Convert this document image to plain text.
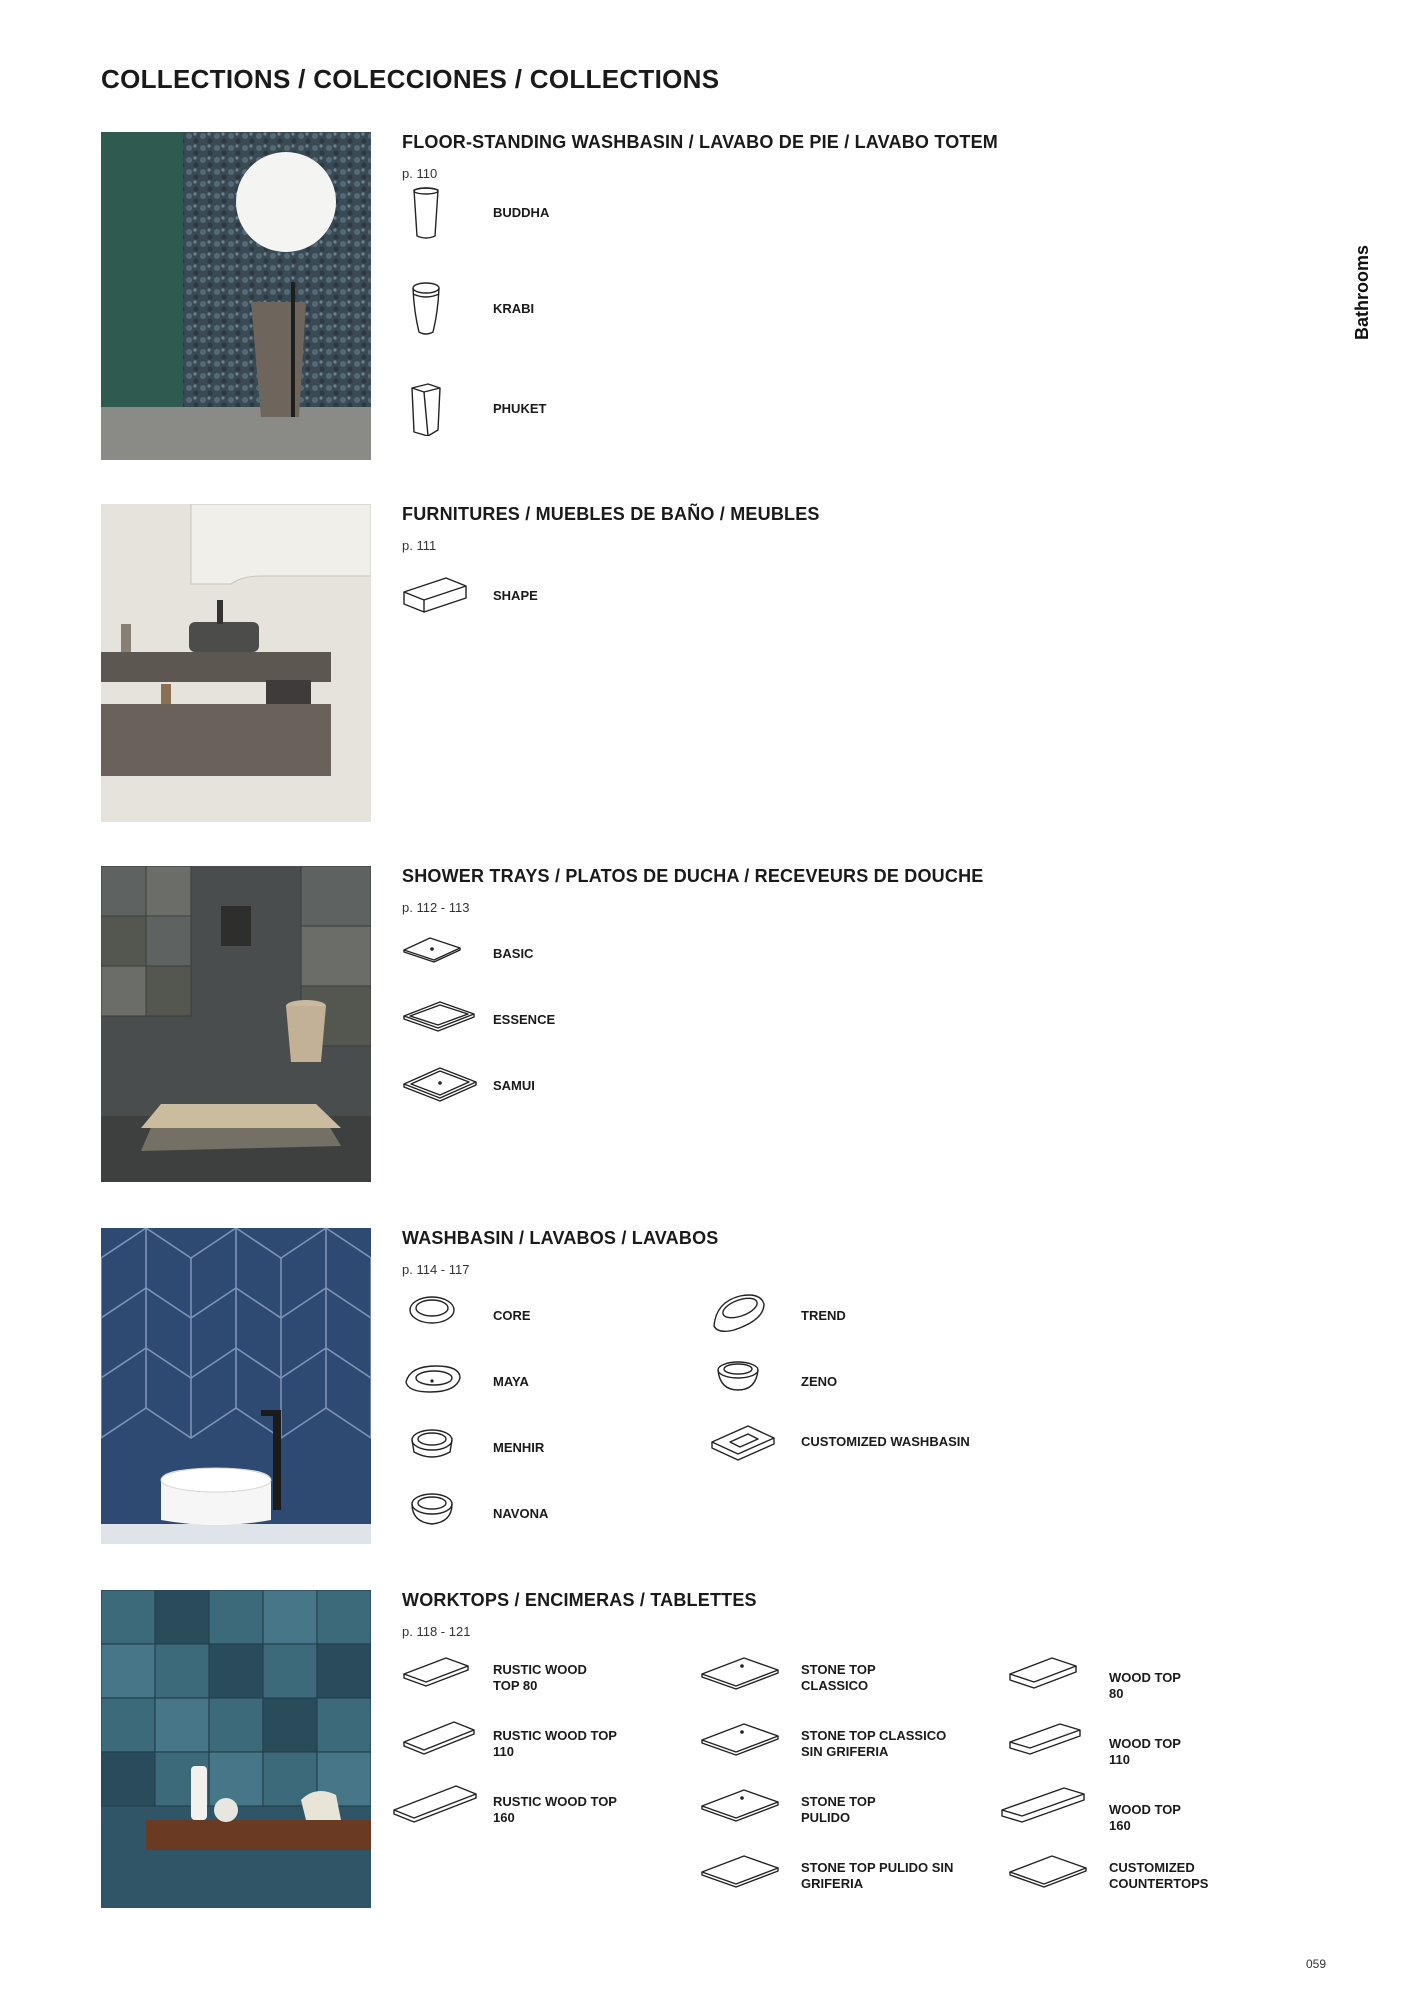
COLLECTIONS / COLECCIONES / COLLECTIONS
Bathrooms
059
FLOOR-STANDING WASHBASIN / LAVABO DE PIE / LAVABO TOTEM
p. 110
BUDDHA
KRABI
PHUKET
FURNITURES / MUEBLES DE BAÑO / MEUBLES
p. 111
SHAPE
SHOWER TRAYS / PLATOS DE DUCHA / RECEVEURS DE DOUCHE
p. 112 - 113
BASIC
ESSENCE
SAMUI
WASHBASIN / LAVABOS / LAVABOS
p. 114 - 117
CORE
MAYA
MENHIR
NAVONA
TREND
ZENO
CUSTOMIZED WASHBASIN
WORKTOPS / ENCIMERAS / TABLETTES
p. 118 - 121
RUSTIC WOOD
TOP 80
RUSTIC WOOD TOP
110
RUSTIC WOOD TOP
160
STONE TOP
CLASSICO
STONE TOP CLASSICO
SIN GRIFERIA
STONE TOP
PULIDO
STONE TOP PULIDO SIN
GRIFERIA
WOOD TOP
80
WOOD TOP
110
WOOD TOP
160
CUSTOMIZED
COUNTERTOPS
